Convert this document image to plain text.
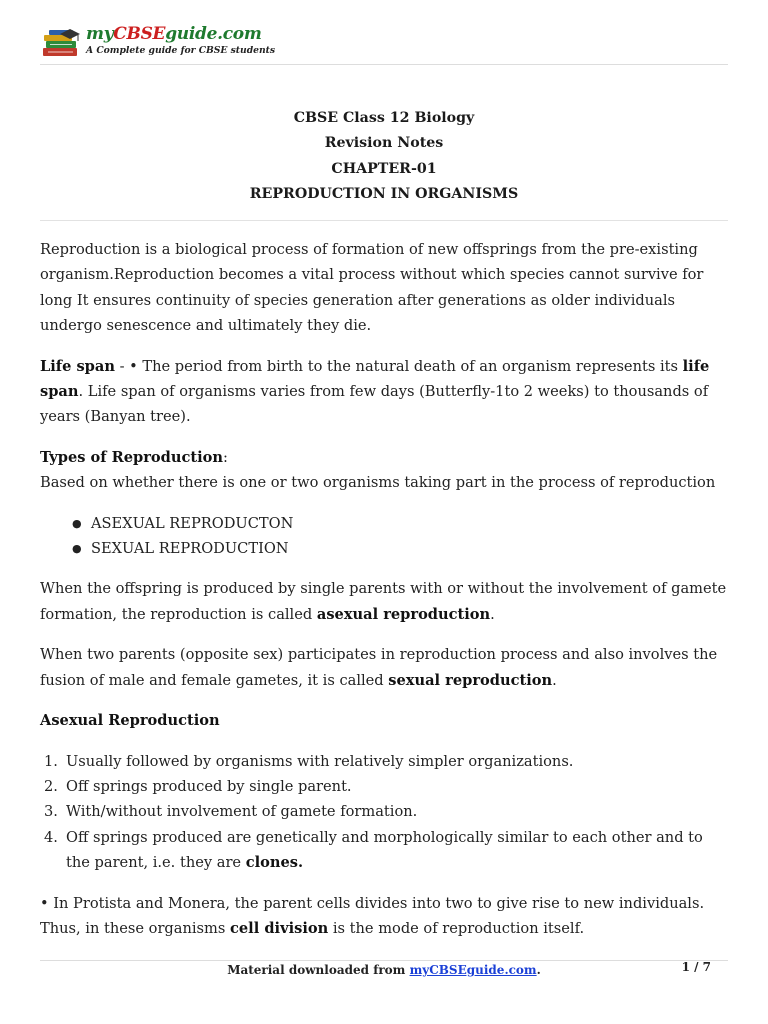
myCBSEguide.com
A Complete guide for CBSE students
CBSE Class 12 Biology
Revision Notes
CHAPTER-01
REPRODUCTION IN ORGANISMS

Reproduction is a biological process of formation of new offsprings from the pre-existing organism.Reproduction becomes a vital process without which species cannot survive for long It ensures continuity of species generation after generations as older individuals undergo senescence and ultimately they die.

Life span - • The period from birth to the natural death of an organism represents its life span. Life span of organisms varies from few days (Butterfly-1to 2 weeks) to thousands of years (Banyan tree).

Types of Reproduction:
Based on whether there is one or two organisms taking part in the process of reproduction

● ASEXUAL REPRODUCTON
● SEXUAL REPRODUCTION

When the offspring is produced by single parents with or without the involvement of gamete formation, the reproduction is called asexual reproduction.

When two parents (opposite sex) participates in reproduction process and also involves the fusion of male and female gametes, it is called sexual reproduction.

Asexual Reproduction

1. Usually followed by organisms with relatively simpler organizations.
2. Off springs produced by single parent.
3. With/without involvement of gamete formation.
4. Off springs produced are genetically and morphologically similar to each other and to the parent, i.e. they are clones.

• In Protista and Monera, the parent cells divides into two to give rise to new individuals. Thus, in these organisms cell division is the mode of reproduction itself.

Material downloaded from myCBSEguide.com.	1 / 7
